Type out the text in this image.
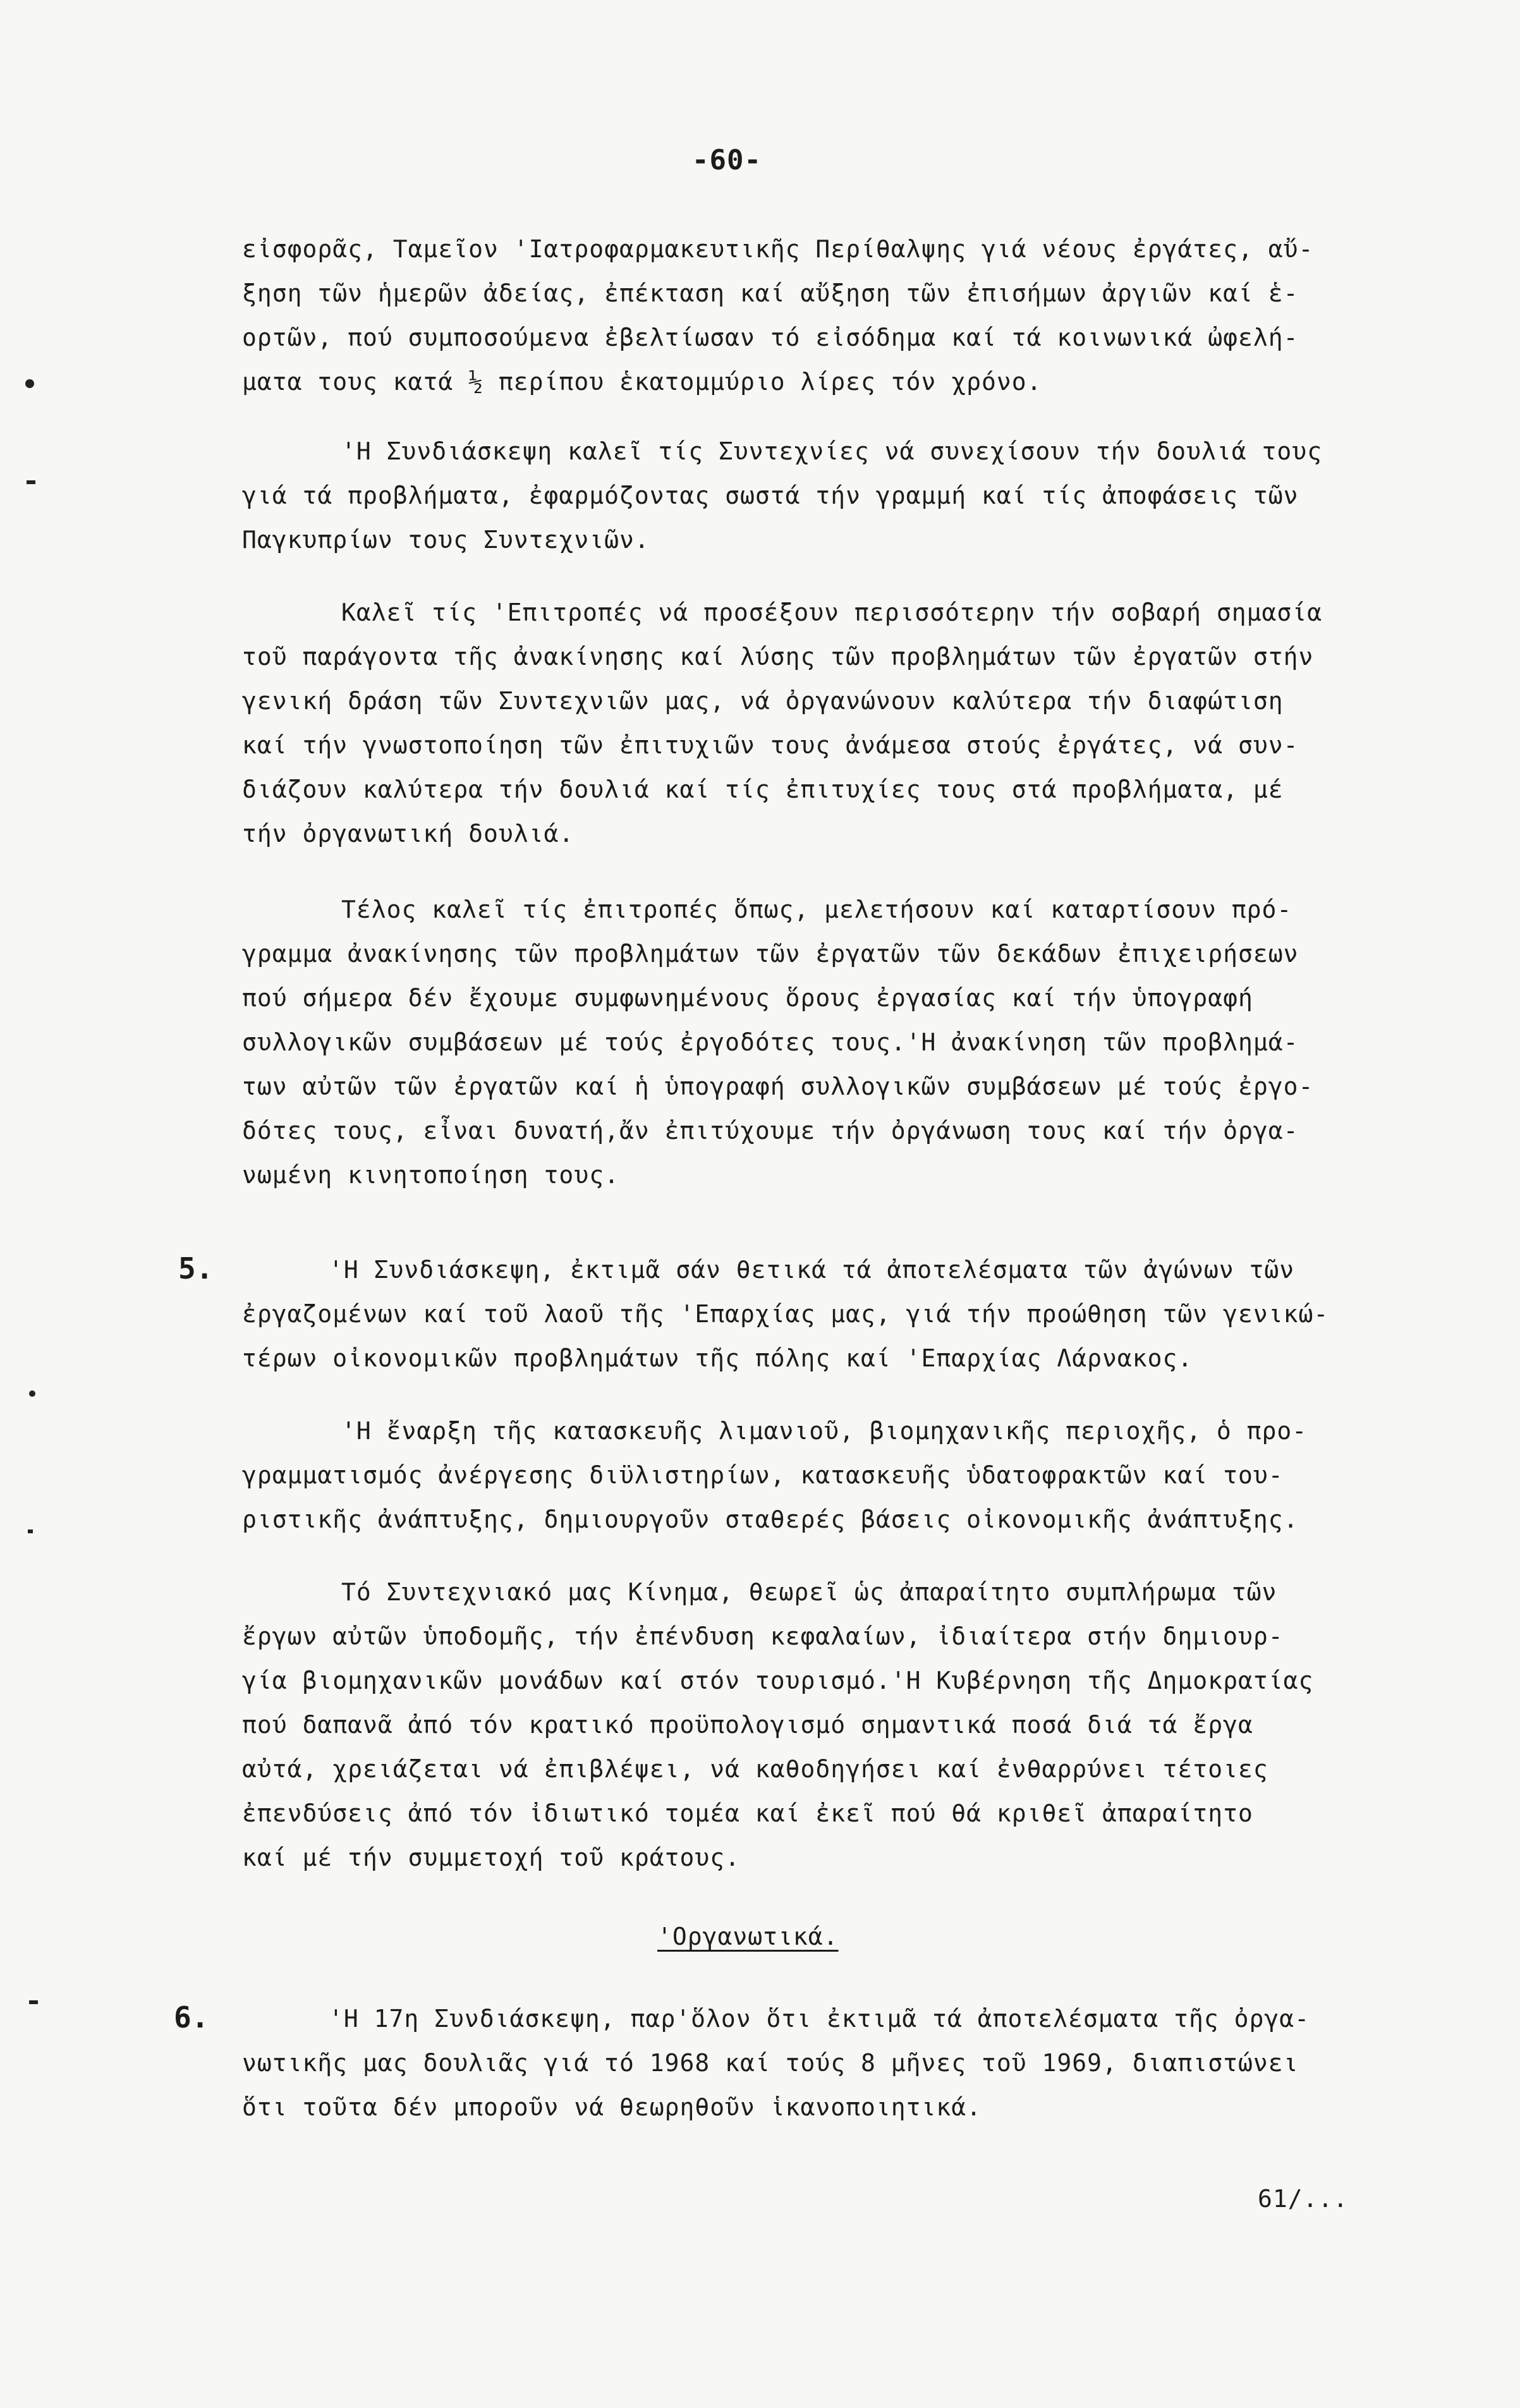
-60-
εἰσφορᾶς, Ταμεῖον 'Ιατροφαρμακευτικῆς Περίθαλψης γιά νέους ἐργάτες, αὔ-
ξηση τῶν ἡμερῶν ἀδείας, ἐπέκταση καί αὔξηση τῶν ἐπισήμων ἀργιῶν καί ἑ-
ορτῶν, πού συμποσούμενα ἐβελτίωσαν τό εἰσόδημα καί τά κοινωνικά ὠφελή-
ματα τους κατά ½ περίπου ἑκατομμύριο λίρες τόν χρόνο.
'Η Συνδιάσκεψη καλεῖ τίς Συντεχνίες νά συνεχίσουν τήν δουλιά τους
γιά τά προβλήματα, ἐφαρμόζοντας σωστά τήν γραμμή καί τίς ἀποφάσεις τῶν
Παγκυπρίων τους Συντεχνιῶν.
Καλεῖ τίς 'Επιτροπές νά προσέξουν περισσότερην τήν σοβαρή σημασία
τοῦ παράγοντα τῆς ἀνακίνησης καί λύσης τῶν προβλημάτων τῶν ἐργατῶν στήν
γενική δράση τῶν Συντεχνιῶν μας, νά ὀργανώνουν καλύτερα τήν διαφώτιση
καί τήν γνωστοποίηση τῶν ἐπιτυχιῶν τους ἀνάμεσα στούς ἐργάτες, νά συν-
διάζουν καλύτερα τήν δουλιά καί τίς ἐπιτυχίες τους στά προβλήματα, μέ
τήν ὀργανωτική δουλιά.
Τέλος καλεῖ τίς ἐπιτροπές ὅπως, μελετήσουν καί καταρτίσουν πρό-
γραμμα ἀνακίνησης τῶν προβλημάτων τῶν ἐργατῶν τῶν δεκάδων ἐπιχειρήσεων
πού σήμερα δέν ἔχουμε συμφωνημένους ὅρους ἐργασίας καί τήν ὑπογραφή
συλλογικῶν συμβάσεων μέ τούς ἐργοδότες τους.'Η ἀνακίνηση τῶν προβλημά-
των αὐτῶν τῶν ἐργατῶν καί ἡ ὑπογραφή συλλογικῶν συμβάσεων μέ τούς ἐργο-
δότες τους, εἶναι δυνατή,ἄν ἐπιτύχουμε τήν ὀργάνωση τους καί τήν ὀργα-
νωμένη κινητοποίηση τους.
5.	'Η Συνδιάσκεψη, ἐκτιμᾶ σάν θετικά τά ἀποτελέσματα τῶν ἀγώνων τῶν
ἐργαζομένων καί τοῦ λαοῦ τῆς 'Επαρχίας μας, γιά τήν προώθηση τῶν γενικώ-
τέρων οἰκονομικῶν προβλημάτων τῆς πόλης καί 'Επαρχίας Λάρνακος.
'Η ἔναρξη τῆς κατασκευῆς λιμανιοῦ, βιομηχανικῆς περιοχῆς, ὁ προ-
γραμματισμός ἀνέργεσης διϋλιστηρίων, κατασκευῆς ὑδατοφρακτῶν καί του-
ριστικῆς ἀνάπτυξης, δημιουργοῦν σταθερές βάσεις οἰκονομικῆς ἀνάπτυξης.
Τό Συντεχνιακό μας Κίνημα, θεωρεῖ ὡς ἀπαραίτητο συμπλήρωμα τῶν
ἔργων αὐτῶν ὑποδομῆς, τήν ἐπένδυση κεφαλαίων, ἰδιαίτερα στήν δημιουρ-
γία βιομηχανικῶν μονάδων καί στόν τουρισμό.'Η Κυβέρνηση τῆς Δημοκρατίας
πού δαπανᾶ ἀπό τόν κρατικό προϋπολογισμό σημαντικά ποσά διά τά ἔργα
αὐτά, χρειάζεται νά ἐπιβλέψει, νά καθοδηγήσει καί ἐνθαρρύνει τέτοιες
ἐπενδύσεις ἀπό τόν ἰδιωτικό τομέα καί ἐκεῖ πού θά κριθεῖ ἀπαραίτητο
καί μέ τήν συμμετοχή τοῦ κράτους.
'Οργανωτικά.
6.	'Η 17η Συνδιάσκεψη, παρ'ὅλον ὅτι ἐκτιμᾶ τά ἀποτελέσματα τῆς ὀργα-
νωτικῆς μας δουλιᾶς γιά τό 1968 καί τούς 8 μῆνες τοῦ 1969, διαπιστώνει
ὅτι τοῦτα δέν μποροῦν νά θεωρηθοῦν ἱκανοποιητικά.
61/...
